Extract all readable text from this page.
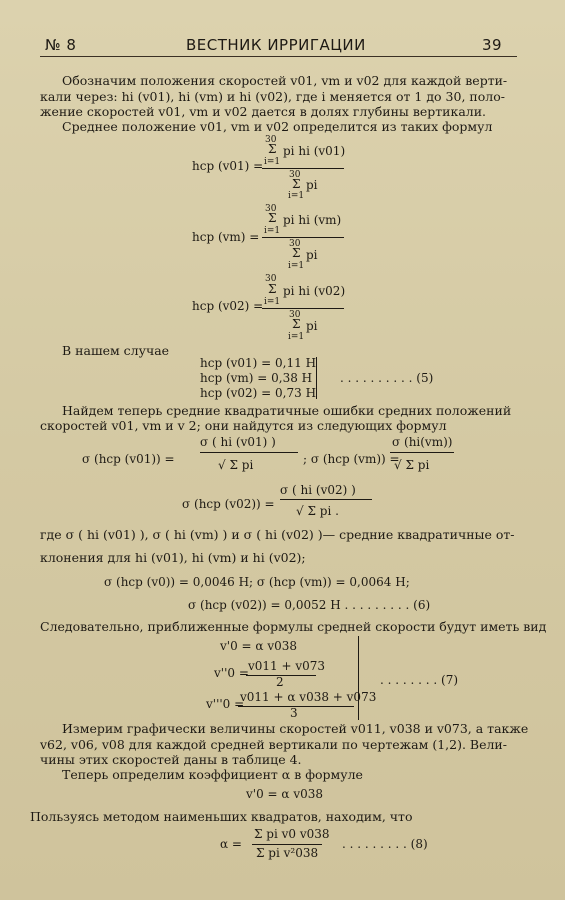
№ 8	ВЕСТНИК ИРРИГАЦИИ	39
Обозначим положения скоростей v01, vm и v02 для каждой верти-
кали через: hi (v01), hi (vm) и hi (v02), где i меняется от 1 до 30, поло-
жение скоростей v01, vm и v02 дается в долях глубины вертикали.
Среднее положение v01, vm и v02 определится из таких формул
30
Σ pi hi (v01)
i=1
hср (v01) =
30
Σ pi
i=1
30
Σ pi hi (vm)
i=1
hср (vm) =	30
Σ pi
i=1
30
Σ pi hi (v02)
i=1
hср (v02) =
30
Σ pi
i=1
В нашем случае
hср (v01) = 0,11 H
hср (vm) = 0,38 H
hср (v02) = 0,73 H
. . . . . . . . . . (5)
Найдем теперь средние квадратичные ошибки средних положений
скоростей v01, vm и v 2; они найдутся из следующих формул
σ ( hi (v01) )
σ (hср (v01)) =	√ Σ pi	; σ (hср (vm)) =
σ (hi(vm))
√ Σ pi
σ ( hi (v02) )
σ (hср (v02)) = √ Σ pi .
где σ ( hi (v01) ), σ ( hi (vm) ) и σ ( hi (v02) )— средние квадратичные от-
клонения для hi (v01), hi (vm) и hi (v02);
σ (hср (v0)) = 0,0046 H; σ (hср (vm)) = 0,0064 H;
σ (hср (v02)) = 0,0052 H . . . . . . . . . (6)
Следовательно, приближенные формулы средней скорости будут иметь вид
v'0 = α v038
v011 + v073
v''0 =
2
v011 + α v038 + v073
v'''0 =
3
. . . . . . . . (7)
Измерим графически величины скоростей v011, v038 и v073, а также
v62, v06, v08 для каждой средней вертикали по чертежам (1,2). Вели-
чины этих скоростей даны в таблице 4.
Теперь определим коэффициент α в формуле
v'0 = α v038
Пользуясь методом наименьших квадратов, находим, что
Σ pi v0 v038
α =
Σ pi v²038
. . . . . . . . . (8)
